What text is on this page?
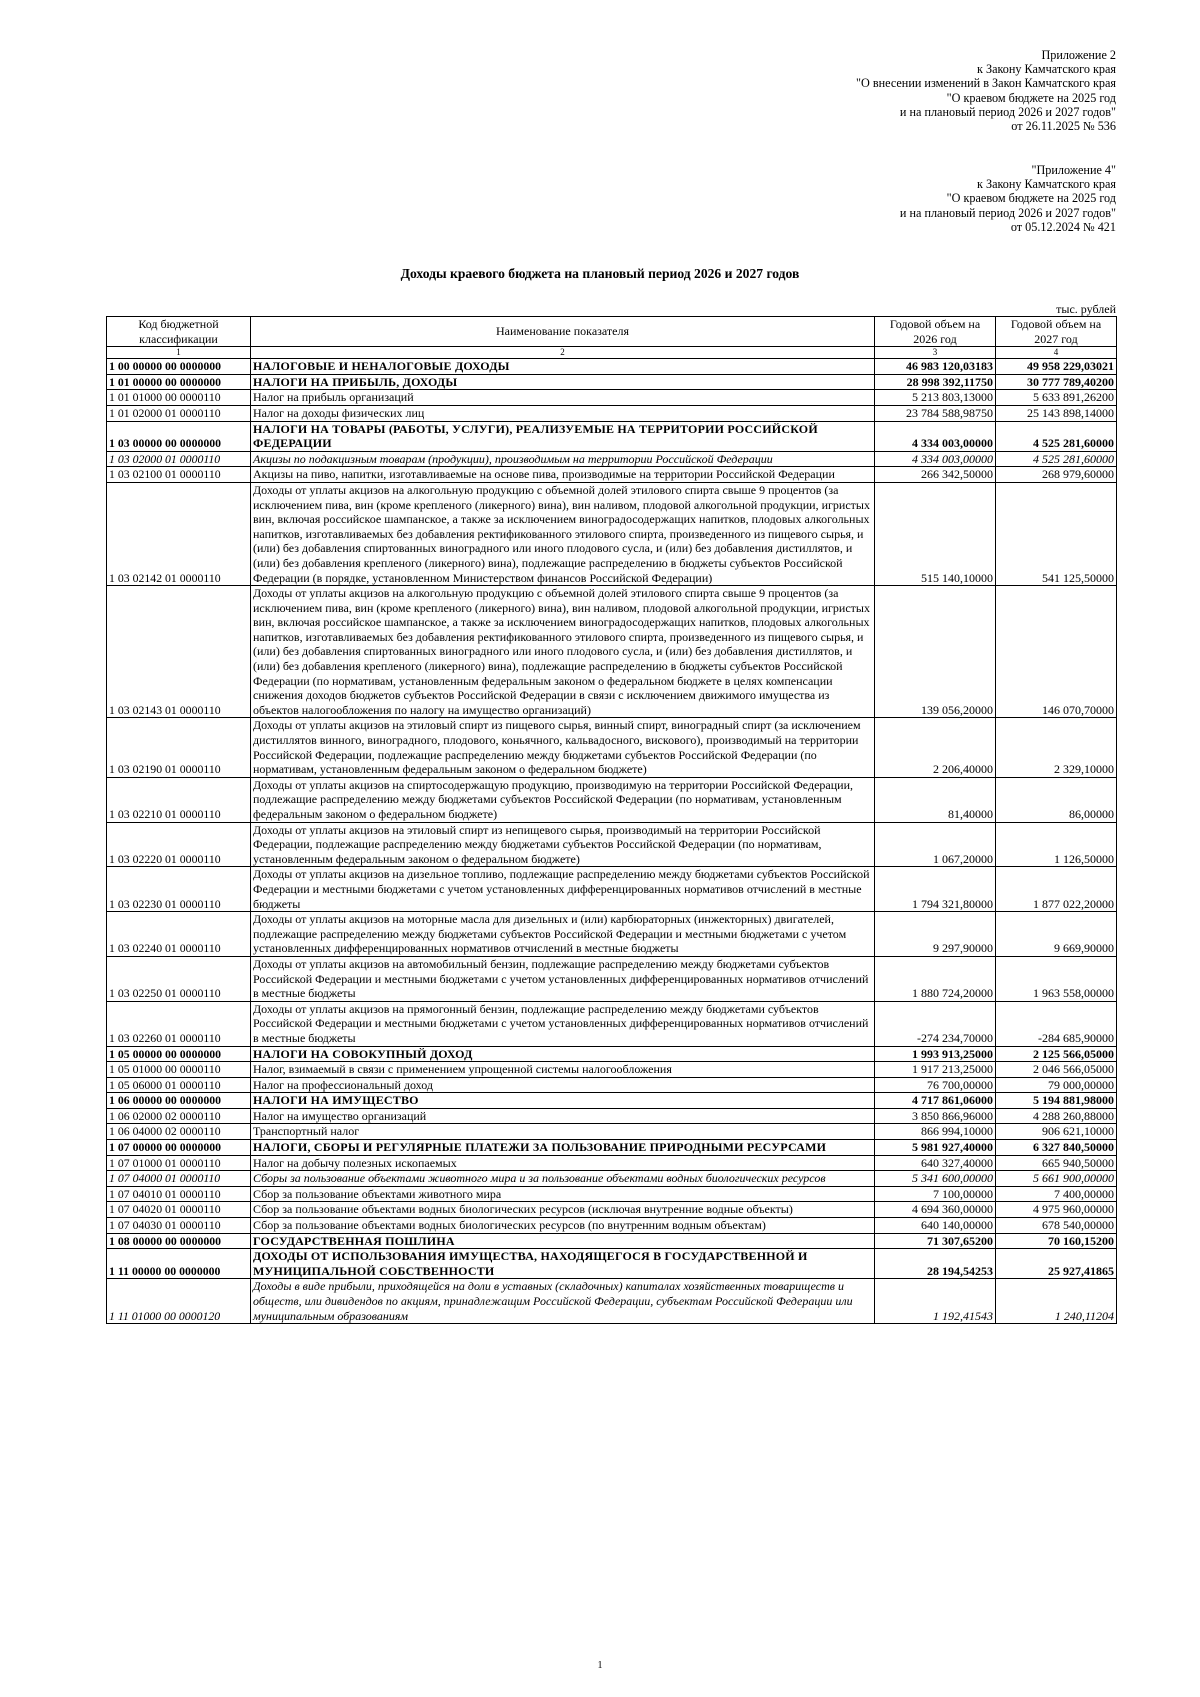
Приложение 2
к Закону Камчатского края
"О внесении изменений в Закон Камчатского края
"О краевом бюджете на 2025 год
и на плановый период 2026 и 2027 годов"
от 26.11.2025 № 536
"Приложение 4"
к Закону Камчатского края
"О краевом бюджете на 2025 год
и на плановый период 2026 и 2027 годов"
от 05.12.2024 № 421
Доходы краевого бюджета на плановый период 2026 и 2027 годов
тыс. рублей
Код бюджетной классификации	Наименование показателя	Годовой объем на 2026 год	Годовой объем на 2027 год
1	2	3	4
1 00 00000 00 0000000	НАЛОГОВЫЕ И НЕНАЛОГОВЫЕ ДОХОДЫ	46 983 120,03183	49 958 229,03021
1 01 00000 00 0000000	НАЛОГИ НА ПРИБЫЛЬ, ДОХОДЫ	28 998 392,11750	30 777 789,40200
1 01 01000 00 0000110	Налог на прибыль организаций	5 213 803,13000	5 633 891,26200
1 01 02000 01 0000110	Налог на доходы физических лиц	23 784 588,98750	25 143 898,14000
1 03 00000 00 0000000	НАЛОГИ НА ТОВАРЫ (РАБОТЫ, УСЛУГИ), РЕАЛИЗУЕМЫЕ НА ТЕРРИТОРИИ РОССИЙСКОЙ ФЕДЕРАЦИИ	4 334 003,00000	4 525 281,60000
1 03 02000 01 0000110	Акцизы по подакцизным товарам (продукции), производимым на территории Российской Федерации	4 334 003,00000	4 525 281,60000
1 03 02100 01 0000110	Акцизы на пиво, напитки, изготавливаемые на основе пива, производимые на территории Российской Федерации	266 342,50000	268 979,60000
1 03 02142 01 0000110	Доходы от уплаты акцизов на алкогольную продукцию с объемной долей этилового спирта свыше 9 процентов (за исключением пива, вин (кроме крепленого (ликерного) вина), вин наливом, плодовой алкогольной продукции, игристых вин, включая российское шампанское, а также за исключением виноградосодержащих напитков, плодовых алкогольных напитков, изготавливаемых без добавления ректификованного этилового спирта, произведенного из пищевого сырья, и (или) без добавления спиртованных виноградного или иного плодового сусла, и (или) без добавления дистиллятов, и (или) без добавления крепленого (ликерного) вина), подлежащие распределению в бюджеты субъектов Российской Федерации (в порядке, установленном Министерством финансов Российской Федерации)	515 140,10000	541 125,50000
1 03 02143 01 0000110	Доходы от уплаты акцизов на алкогольную продукцию с объемной долей этилового спирта свыше 9 процентов (за исключением пива, вин (кроме крепленого (ликерного) вина), вин наливом, плодовой алкогольной продукции, игристых вин, включая российское шампанское, а также за исключением виноградосодержащих напитков, плодовых алкогольных напитков, изготавливаемых без добавления ректификованного этилового спирта, произведенного из пищевого сырья, и (или) без добавления спиртованных виноградного или иного плодового сусла, и (или) без добавления дистиллятов, и (или) без добавления крепленого (ликерного) вина), подлежащие распределению в бюджеты субъектов Российской Федерации (по нормативам, установленным федеральным законом о федеральном бюджете в целях компенсации снижения доходов бюджетов субъектов Российской Федерации в связи с исключением движимого имущества из объектов налогообложения по налогу на имущество организаций)	139 056,20000	146 070,70000
1 03 02190 01 0000110	Доходы от уплаты акцизов на этиловый спирт из пищевого сырья, винный спирт, виноградный спирт (за исключением дистиллятов винного, виноградного, плодового, коньячного, кальвадосного, вискового), производимый на территории Российской Федерации, подлежащие распределению между бюджетами субъектов Российской Федерации (по нормативам, установленным федеральным законом о федеральном бюджете)	2 206,40000	2 329,10000
1 03 02210 01 0000110	Доходы от уплаты акцизов на спиртосодержащую продукцию, производимую на территории Российской Федерации, подлежащие распределению между бюджетами субъектов Российской Федерации (по нормативам, установленным федеральным законом о федеральном бюджете)	81,40000	86,00000
1 03 02220 01 0000110	Доходы от уплаты акцизов на этиловый спирт из непищевого сырья, производимый на территории Российской Федерации, подлежащие распределению между бюджетами субъектов Российской Федерации (по нормативам, установленным федеральным законом о федеральном бюджете)	1 067,20000	1 126,50000
1 03 02230 01 0000110	Доходы от уплаты акцизов на дизельное топливо, подлежащие распределению между бюджетами субъектов Российской Федерации и местными бюджетами с учетом установленных дифференцированных нормативов отчислений в местные бюджеты	1 794 321,80000	1 877 022,20000
1 03 02240 01 0000110	Доходы от уплаты акцизов на моторные масла для дизельных и (или) карбюраторных (инжекторных) двигателей, подлежащие распределению между бюджетами субъектов Российской Федерации и местными бюджетами с учетом установленных дифференцированных нормативов отчислений в местные бюджеты	9 297,90000	9 669,90000
1 03 02250 01 0000110	Доходы от уплаты акцизов на автомобильный бензин, подлежащие распределению между бюджетами субъектов Российской Федерации и местными бюджетами с учетом установленных дифференцированных нормативов отчислений в местные бюджеты	1 880 724,20000	1 963 558,00000
1 03 02260 01 0000110	Доходы от уплаты акцизов на прямогонный бензин, подлежащие распределению между бюджетами субъектов Российской Федерации и местными бюджетами с учетом установленных дифференцированных нормативов отчислений в местные бюджеты	-274 234,70000	-284 685,90000
1 05 00000 00 0000000	НАЛОГИ НА СОВОКУПНЫЙ ДОХОД	1 993 913,25000	2 125 566,05000
1 05 01000 00 0000110	Налог, взимаемый в связи с применением упрощенной системы налогообложения	1 917 213,25000	2 046 566,05000
1 05 06000 01 0000110	Налог на профессиональный доход	76 700,00000	79 000,00000
1 06 00000 00 0000000	НАЛОГИ НА ИМУЩЕСТВО	4 717 861,06000	5 194 881,98000
1 06 02000 02 0000110	Налог на имущество организаций	3 850 866,96000	4 288 260,88000
1 06 04000 02 0000110	Транспортный налог	866 994,10000	906 621,10000
1 07 00000 00 0000000	НАЛОГИ, СБОРЫ И РЕГУЛЯРНЫЕ ПЛАТЕЖИ ЗА ПОЛЬЗОВАНИЕ ПРИРОДНЫМИ РЕСУРСАМИ	5 981 927,40000	6 327 840,50000
1 07 01000 01 0000110	Налог на добычу полезных ископаемых	640 327,40000	665 940,50000
1 07 04000 01 0000110	Сборы за пользование объектами животного мира и за пользование объектами водных биологических ресурсов	5 341 600,00000	5 661 900,00000
1 07 04010 01 0000110	Сбор за пользование объектами животного мира	7 100,00000	7 400,00000
1 07 04020 01 0000110	Сбор за пользование объектами водных биологических ресурсов (исключая внутренние водные объекты)	4 694 360,00000	4 975 960,00000
1 07 04030 01 0000110	Сбор за пользование объектами водных биологических ресурсов (по внутренним водным объектам)	640 140,00000	678 540,00000
1 08 00000 00 0000000	ГОСУДАРСТВЕННАЯ ПОШЛИНА	71 307,65200	70 160,15200
1 11 00000 00 0000000	ДОХОДЫ ОТ ИСПОЛЬЗОВАНИЯ ИМУЩЕСТВА, НАХОДЯЩЕГОСЯ В ГОСУДАРСТВЕННОЙ И МУНИЦИПАЛЬНОЙ СОБСТВЕННОСТИ	28 194,54253	25 927,41865
1 11 01000 00 0000120	Доходы в виде прибыли, приходящейся на доли в уставных (складочных) капиталах хозяйственных товариществ и обществ, или дивидендов по акциям, принадлежащим Российской Федерации, субъектам Российской Федерации или муниципальным образованиям	1 192,41543	1 240,11204
1
